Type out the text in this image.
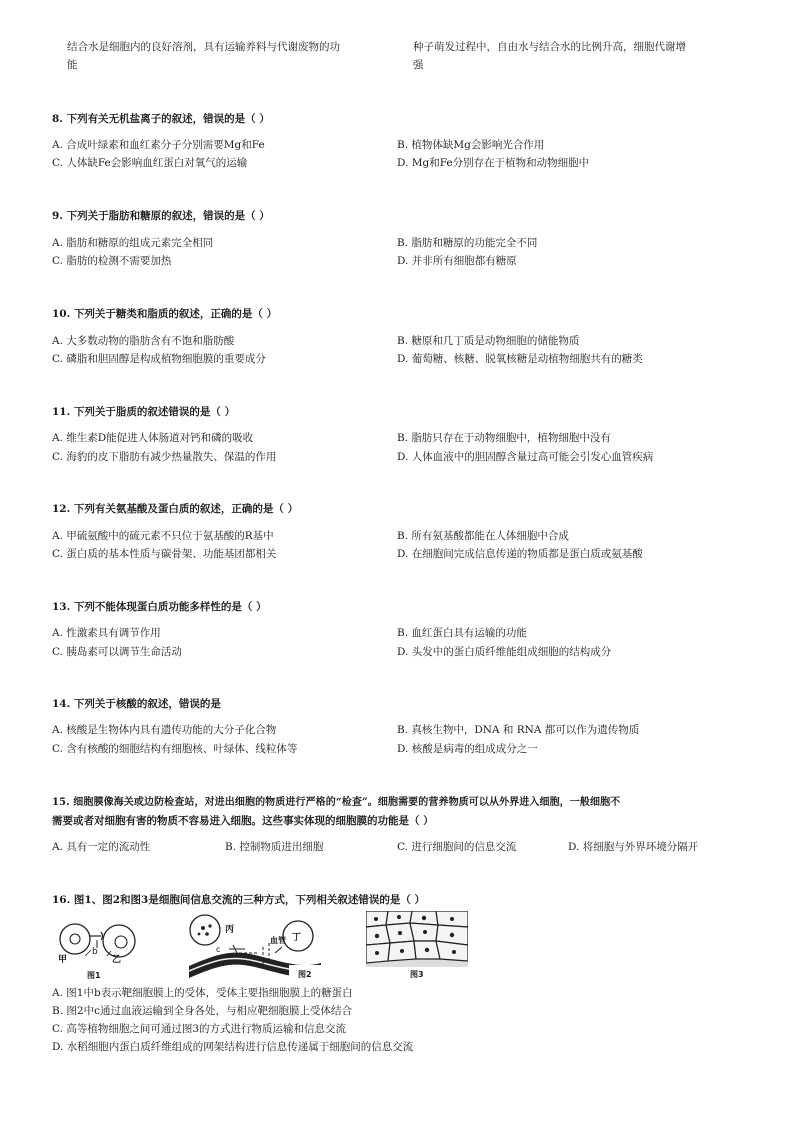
结合水是细胞内的良好溶剂，具有运输养料与代谢废物的功
能
种子萌发过程中，自由水与结合水的比例升高，细胞代谢增
强
8. 下列有关无机盐离子的叙述，错误的是（ ）
A. 合成叶绿素和血红素分子分别需要Mg和Fe	B. 植物体缺Mg会影响光合作用
C. 人体缺Fe会影响血红蛋白对氧气的运输	D. Mg和Fe分别存在于植物和动物细胞中
9. 下列关于脂肪和糖原的叙述，错误的是（ ）
A. 脂肪和糖原的组成元素完全相同	B. 脂肪和糖原的功能完全不同
C. 脂肪的检测不需要加热	D. 并非所有细胞都有糖原
10. 下列关于糖类和脂质的叙述，正确的是（ ）
A. 大多数动物的脂肪含有不饱和脂肪酸	B. 糖原和几丁质是动物细胞的储能物质
C. 磷脂和胆固醇是构成植物细胞膜的重要成分	D. 葡萄糖、核糖、脱氧核糖是动植物细胞共有的糖类
11. 下列关于脂质的叙述错误的是（ ）
A. 维生素D能促进人体肠道对钙和磷的吸收	B. 脂肪只存在于动物细胞中，植物细胞中没有
C. 海豹的皮下脂肪有减少热量散失、保温的作用	D. 人体血液中的胆固醇含量过高可能会引发心血管疾病
12. 下列有关氨基酸及蛋白质的叙述，正确的是（ ）
A. 甲硫氨酸中的硫元素不只位于氨基酸的R基中	B. 所有氨基酸都能在人体细胞中合成
C. 蛋白质的基本性质与碳骨架、功能基团都相关	D. 在细胞间完成信息传递的物质都是蛋白质或氨基酸
13. 下列不能体现蛋白质功能多样性的是（ ）
A. 性激素具有调节作用	B. 血红蛋白具有运输的功能
C. 胰岛素可以调节生命活动	D. 头发中的蛋白质纤维能组成细胞的结构成分
14. 下列关于核酸的叙述，错误的是
A. 核酸是生物体内具有遗传功能的大分子化合物	B. 真核生物中，DNA 和 RNA 都可以作为遗传物质
C. 含有核酸的细胞结构有细胞核、叶绿体、线粒体等	D. 核酸是病毒的组成成分之一
15. 细胞膜像海关或边防检查站，对进出细胞的物质进行严格的“检查”。细胞需要的营养物质可以从外界进入细胞，一般细胞不
需要或者对细胞有害的物质不容易进入细胞。这些事实体现的细胞膜的功能是（ ）
A. 具有一定的流动性	B. 控制物质进出细胞	C. 进行细胞间的信息交流	D. 将细胞与外界环境分隔开
16. 图1、图2和图3是细胞间信息交流的三种方式，下列相关叙述错误的是（ ）
甲
b
乙
图1
丙
c
血管 丁
图2	图3
A. 图1中b表示靶细胞膜上的受体，受体主要指细胞膜上的糖蛋白
B. 图2中c通过血液运输到全身各处，与相应靶细胞膜上受体结合
C. 高等植物细胞之间可通过图3的方式进行物质运输和信息交流
D. 水稻细胞内蛋白质纤维组成的网架结构进行信息传递属于细胞间的信息交流
